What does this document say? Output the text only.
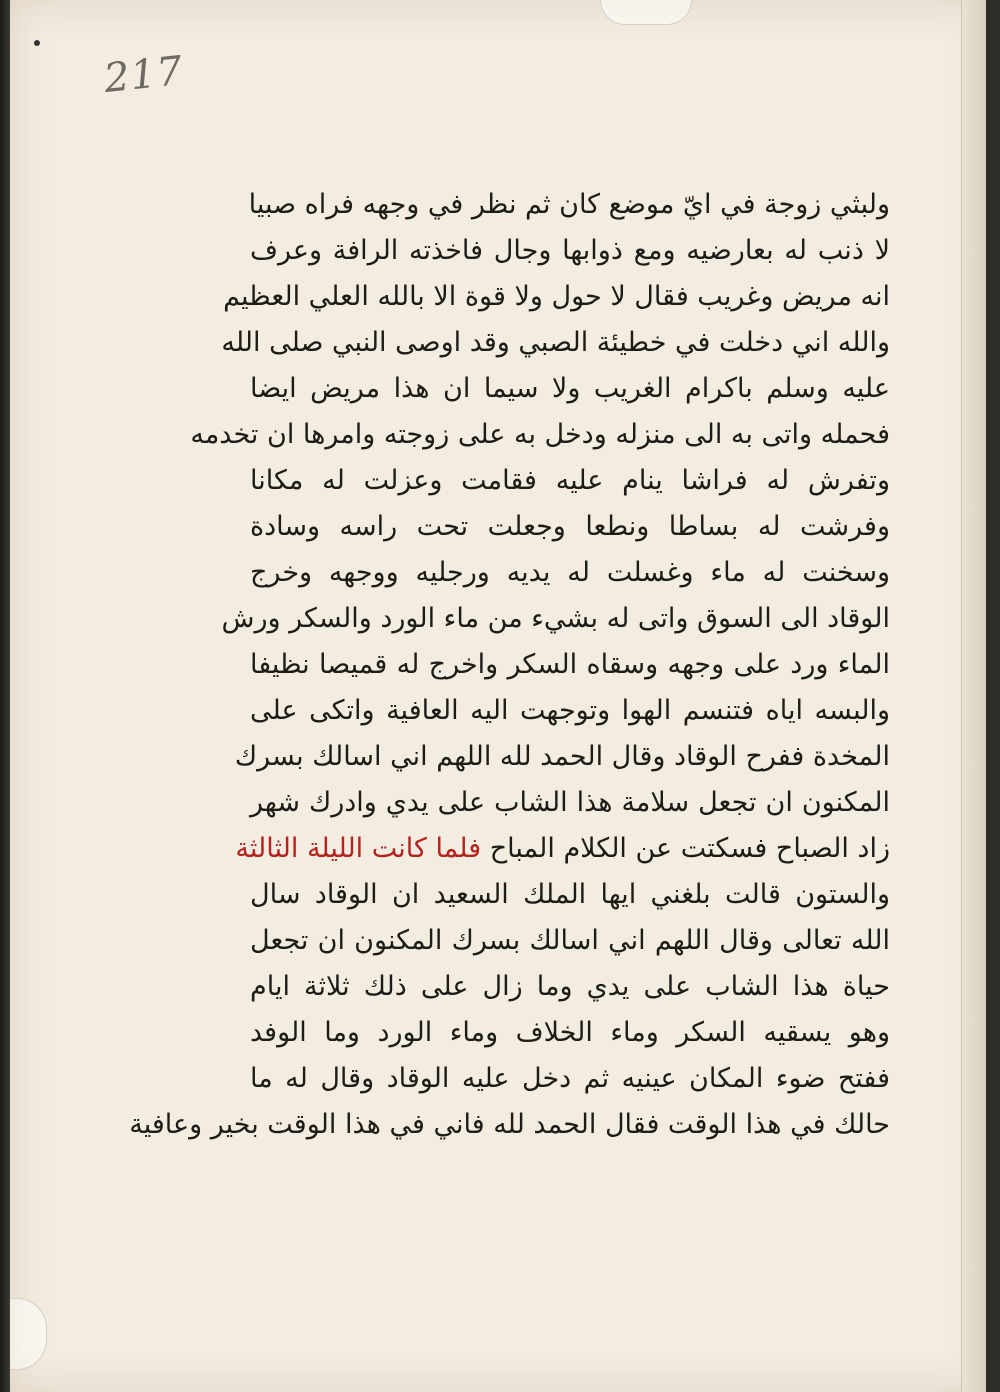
217
ولبثي زوجة في ايّ موضع كان ثم نظر في وجهه فراه صبيا
لا ذنب له بعارضيه ومع ذوابها وجال فاخذته الرافة وعرف
انه مريض وغريب فقال لا حول ولا قوة الا بالله العلي العظيم
والله اني دخلت في خطيئة الصبي وقد اوصى النبي صلى الله
عليه وسلم باكرام الغريب ولا سيما ان هذا مريض ايضا
فحمله واتى به الى منزله ودخل به على زوجته وامرها ان تخدمه
وتفرش له فراشا ينام عليه فقامت وعزلت له مكانا
وفرشت له بساطا ونطعا وجعلت تحت راسه وسادة
وسخنت له ماء وغسلت له يديه ورجليه ووجهه وخرج
الوقاد الى السوق واتى له بشيء من ماء الورد والسكر ورش
الماء ورد على وجهه وسقاه السكر واخرج له قميصا نظيفا
والبسه اياه فتنسم الهوا وتوجهت اليه العافية واتكى على
المخدة ففرح الوقاد وقال الحمد لله اللهم اني اسالك بسرك
المكنون ان تجعل سلامة هذا الشاب على يدي وادرك شهر
زاد الصباح فسكتت عن الكلام المباح فلما كانت الليلة الثالثة
والستون قالت بلغني ايها الملك السعيد ان الوقاد سال
الله تعالى وقال اللهم اني اسالك بسرك المكنون ان تجعل
حياة هذا الشاب على يدي وما زال على ذلك ثلاثة ايام
وهو يسقيه السكر وماء الخلاف وماء الورد وما الوفد
ففتح ضوء المكان عينيه ثم دخل عليه الوقاد وقال له ما
حالك في هذا الوقت فقال الحمد لله فاني في هذا الوقت بخير وعافية
